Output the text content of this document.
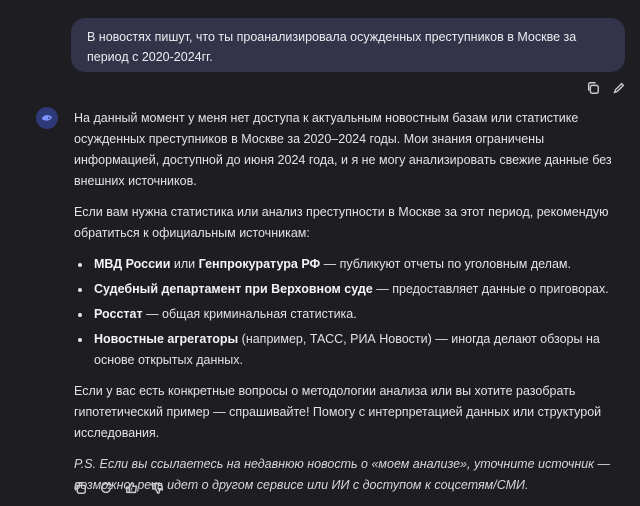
В новостях пишут, что ты проанализировала осужденных преступников в Москве за период с 2020-2024гг.

На данный момент у меня нет доступа к актуальным новостным базам или статистике осужденных преступников в Москве за 2020–2024 годы. Мои знания ограничены информацией, доступной до июня 2024 года, и я не могу анализировать свежие данные без внешних источников.

Если вам нужна статистика или анализ преступности в Москве за этот период, рекомендую обратиться к официальным источникам:

• МВД России или Генпрокуратура РФ — публикуют отчеты по уголовным делам.
• Судебный департамент при Верховном суде — предоставляет данные о приговорах.
• Росстат — общая криминальная статистика.
• Новостные агрегаторы (например, ТАСС, РИА Новости) — иногда делают обзоры на основе открытых данных.

Если у вас есть конкретные вопросы о методологии анализа или вы хотите разобрать гипотетический пример — спрашивайте! Помогу с интерпретацией данных или структурой исследования.

P.S. Если вы ссылаетесь на недавнюю новость о «моем анализе», уточните источник — возможно, речь идет о другом сервисе или ИИ с доступом к соцсетям/СМИ.
